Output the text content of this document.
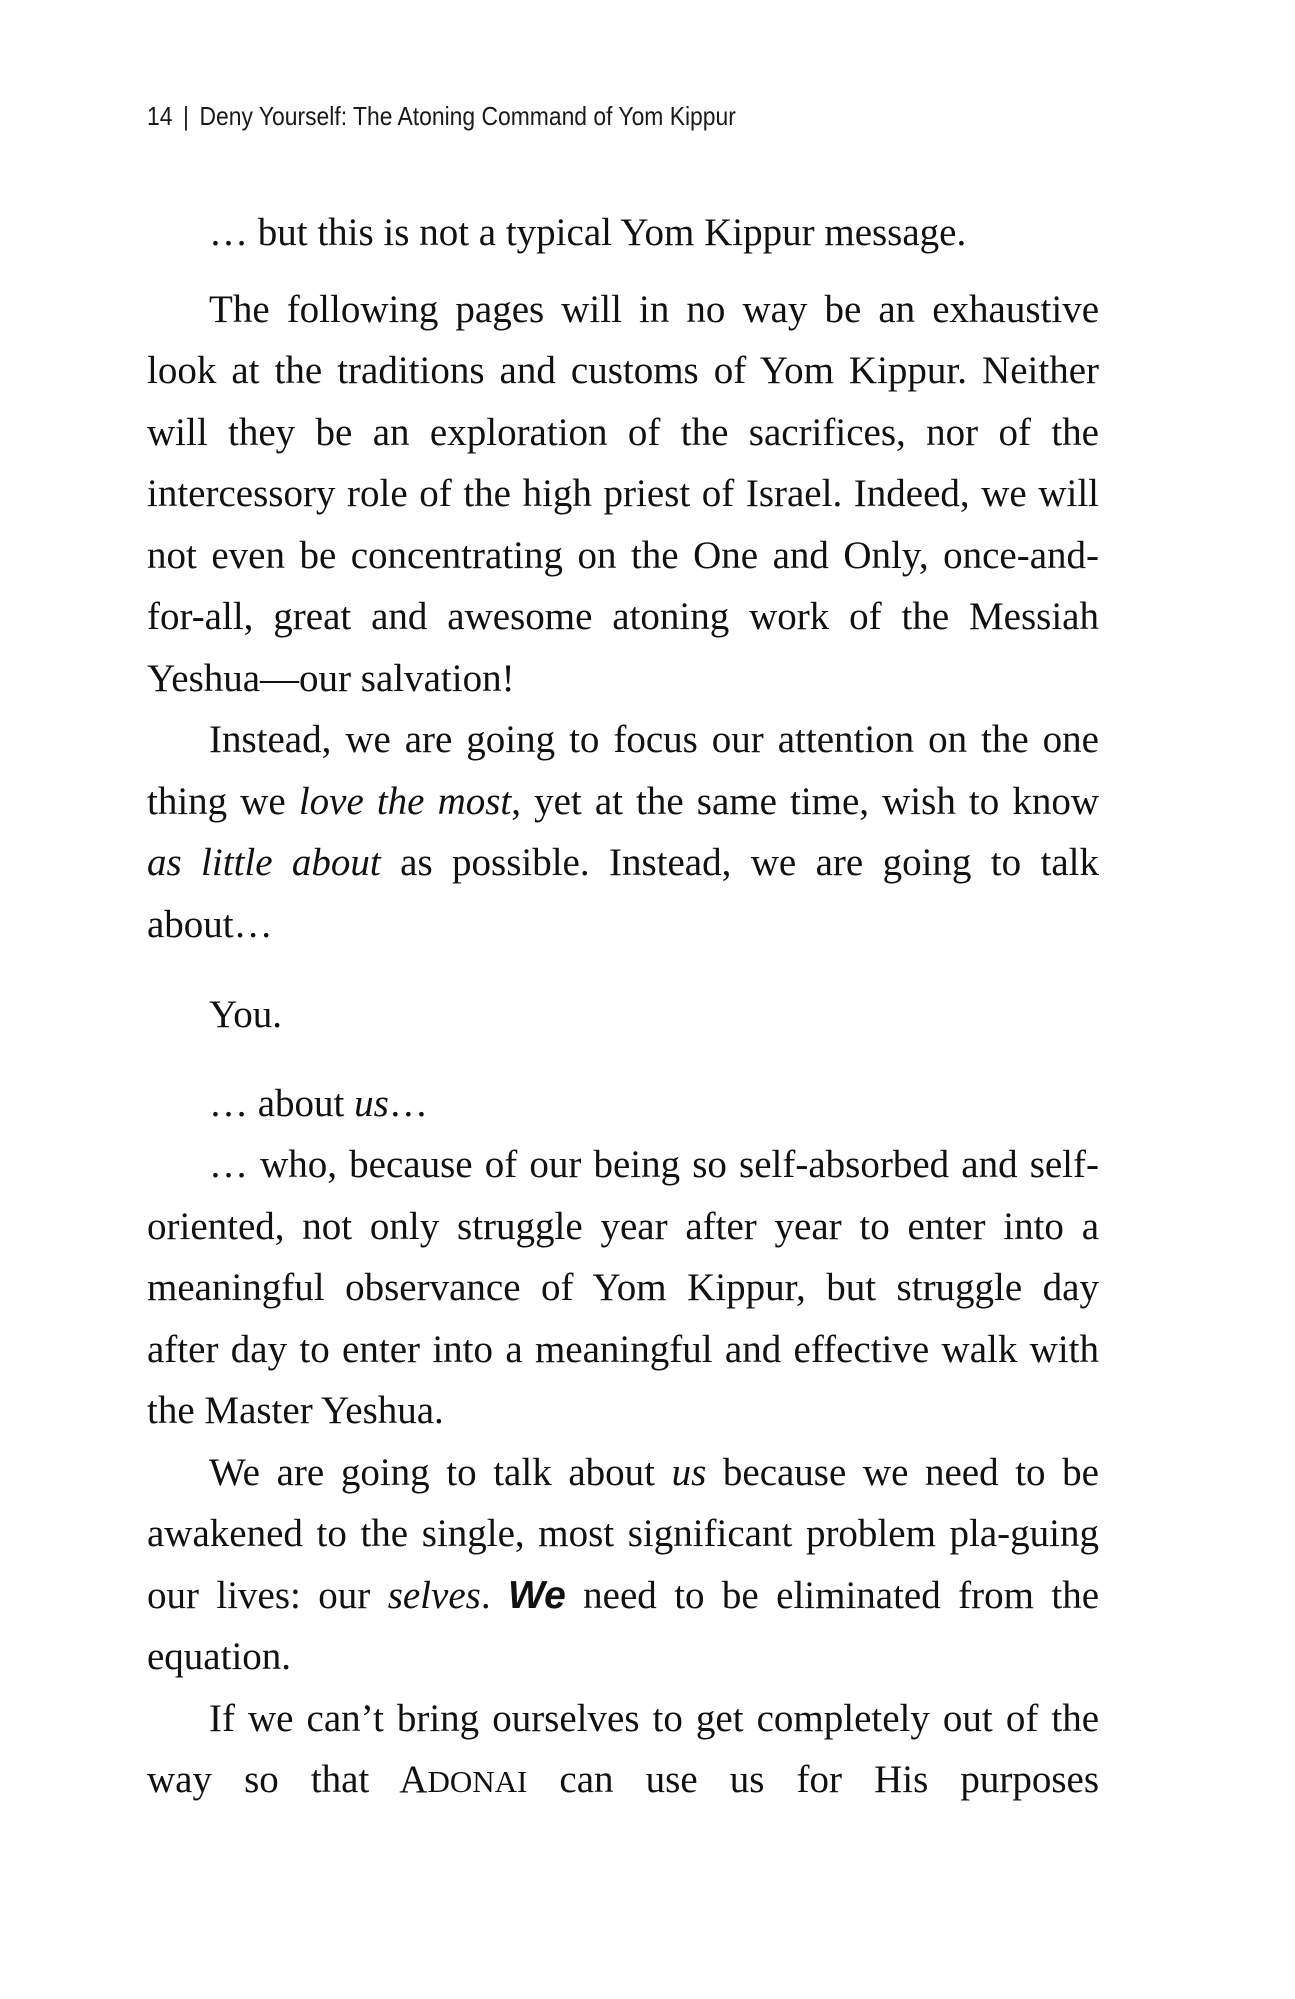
14 | Deny Yourself: The Atoning Command of Yom Kippur

… but this is not a typical Yom Kippur message.

The following pages will in no way be an exhaustive look at the traditions and customs of Yom Kippur. Neither will they be an exploration of the sacrifices, nor of the intercessory role of the high priest of Israel. Indeed, we will not even be concentrating on the One and Only, once-and-for-all, great and awesome atoning work of the Messiah Yeshua—our salvation!

Instead, we are going to focus our attention on the one thing we love the most, yet at the same time, wish to know as little about as possible. Instead, we are going to talk about…

You.

… about us…

… who, because of our being so self-absorbed and self-oriented, not only struggle year after year to enter into a meaningful observance of Yom Kippur, but struggle day after day to enter into a meaningful and effective walk with the Master Yeshua.

We are going to talk about us because we need to be awakened to the single, most significant problem pla-guing our lives: our selves. We need to be eliminated from the equation.

If we can’t bring ourselves to get completely out of the way so that ADONAI can use us for His purposes
